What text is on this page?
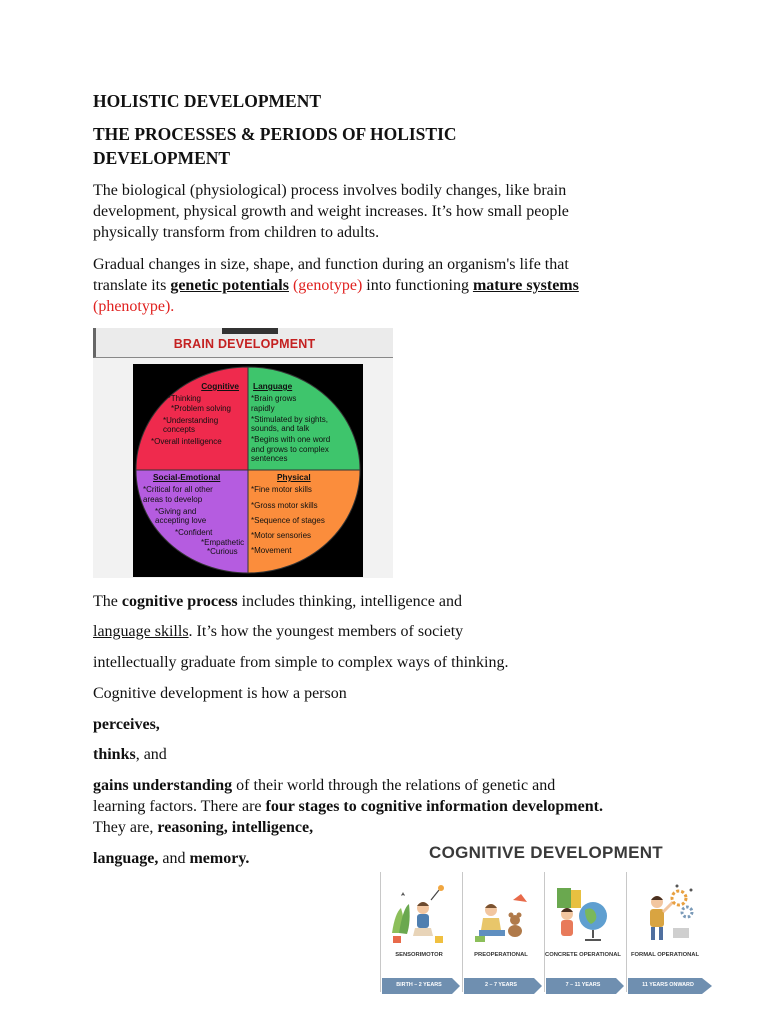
HOLISTIC DEVELOPMENT
THE PROCESSES & PERIODS OF HOLISTIC
DEVELOPMENT
The biological (physiological) process involves bodily changes, like brain
development, physical growth and weight increases. It’s how small people
physically transform from children to adults.
Gradual changes in size, shape, and function during an organism's life that
translate its genetic potentials (genotype) into functioning mature systems
(phenotype).
BRAIN DEVELOPMENT
Cognitive
*Thinking
*Problem solving
*Understanding
concepts
*Overall intelligence
Language
*Brain grows
rapidly
*Stimulated by sights,
sounds, and talk
*Begins with one word
and grows to complex
sentences
Social-Emotional
*Critical for all other
areas to develop
*Giving and
accepting love
*Confident
*Empathetic
*Curious
Physical
*Fine motor skills
*Gross motor skills
*Sequence of stages
*Motor sensories
*Movement
The cognitive process includes thinking, intelligence and
language skills. It’s how the youngest members of society
intellectually graduate from simple to complex ways of thinking.
Cognitive development is how a person
perceives,
thinks, and
gains understanding of their world through the relations of genetic and
learning factors. There are four stages to cognitive information development.
They are, reasoning, intelligence,
language, and memory.	COGNITIVE DEVELOPMENT
SENSORIMOTOR	PREOPERATIONAL	CONCRETE OPERATIONAL	FORMAL OPERATIONAL
BIRTH – 2 YEARS	2 – 7 YEARS	7 – 11 YEARS	11 YEARS ONWARD
